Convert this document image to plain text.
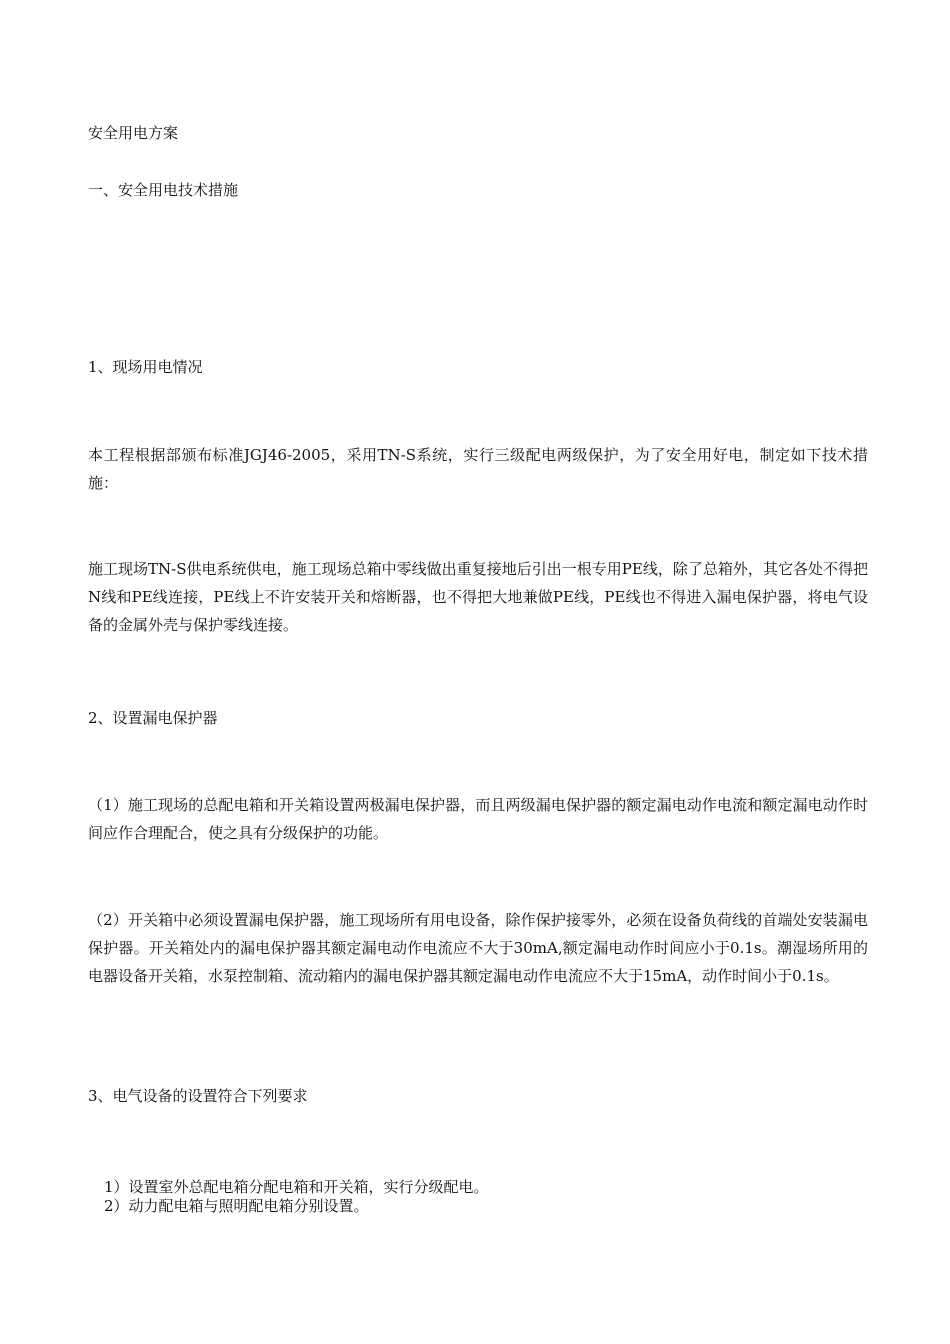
安全用电方案

一、安全用电技术措施

1、现场用电情况

本工程根据部颁布标准JGJ46-2005，采用TN-S系统，实行三级配电两级保护，为了安全用好电，制定如下技术措施：

施工现场TN-S供电系统供电，施工现场总箱中零线做出重复接地后引出一根专用PE线，除了总箱外，其它各处不得把N线和PE线连接，PE线上不许安装开关和熔断器，也不得把大地兼做PE线，PE线也不得进入漏电保护器，将电气设备的金属外壳与保护零线连接。

2、设置漏电保护器

（1）施工现场的总配电箱和开关箱设置两极漏电保护器，而且两级漏电保护器的额定漏电动作电流和额定漏电动作时间应作合理配合，使之具有分级保护的功能。

（2）开关箱中必须设置漏电保护器，施工现场所有用电设备，除作保护接零外，必须在设备负荷线的首端处安装漏电保护器。开关箱处内的漏电保护器其额定漏电动作电流应不大于30mA,额定漏电动作时间应小于0.1s。潮湿场所用的电器设备开关箱，水泵控制箱、流动箱内的漏电保护器其额定漏电动作电流应不大于15mA，动作时间小于0.1s。

3、电气设备的设置符合下列要求

1）设置室外总配电箱分配电箱和开关箱，实行分级配电。

2）动力配电箱与照明配电箱分别设置。
